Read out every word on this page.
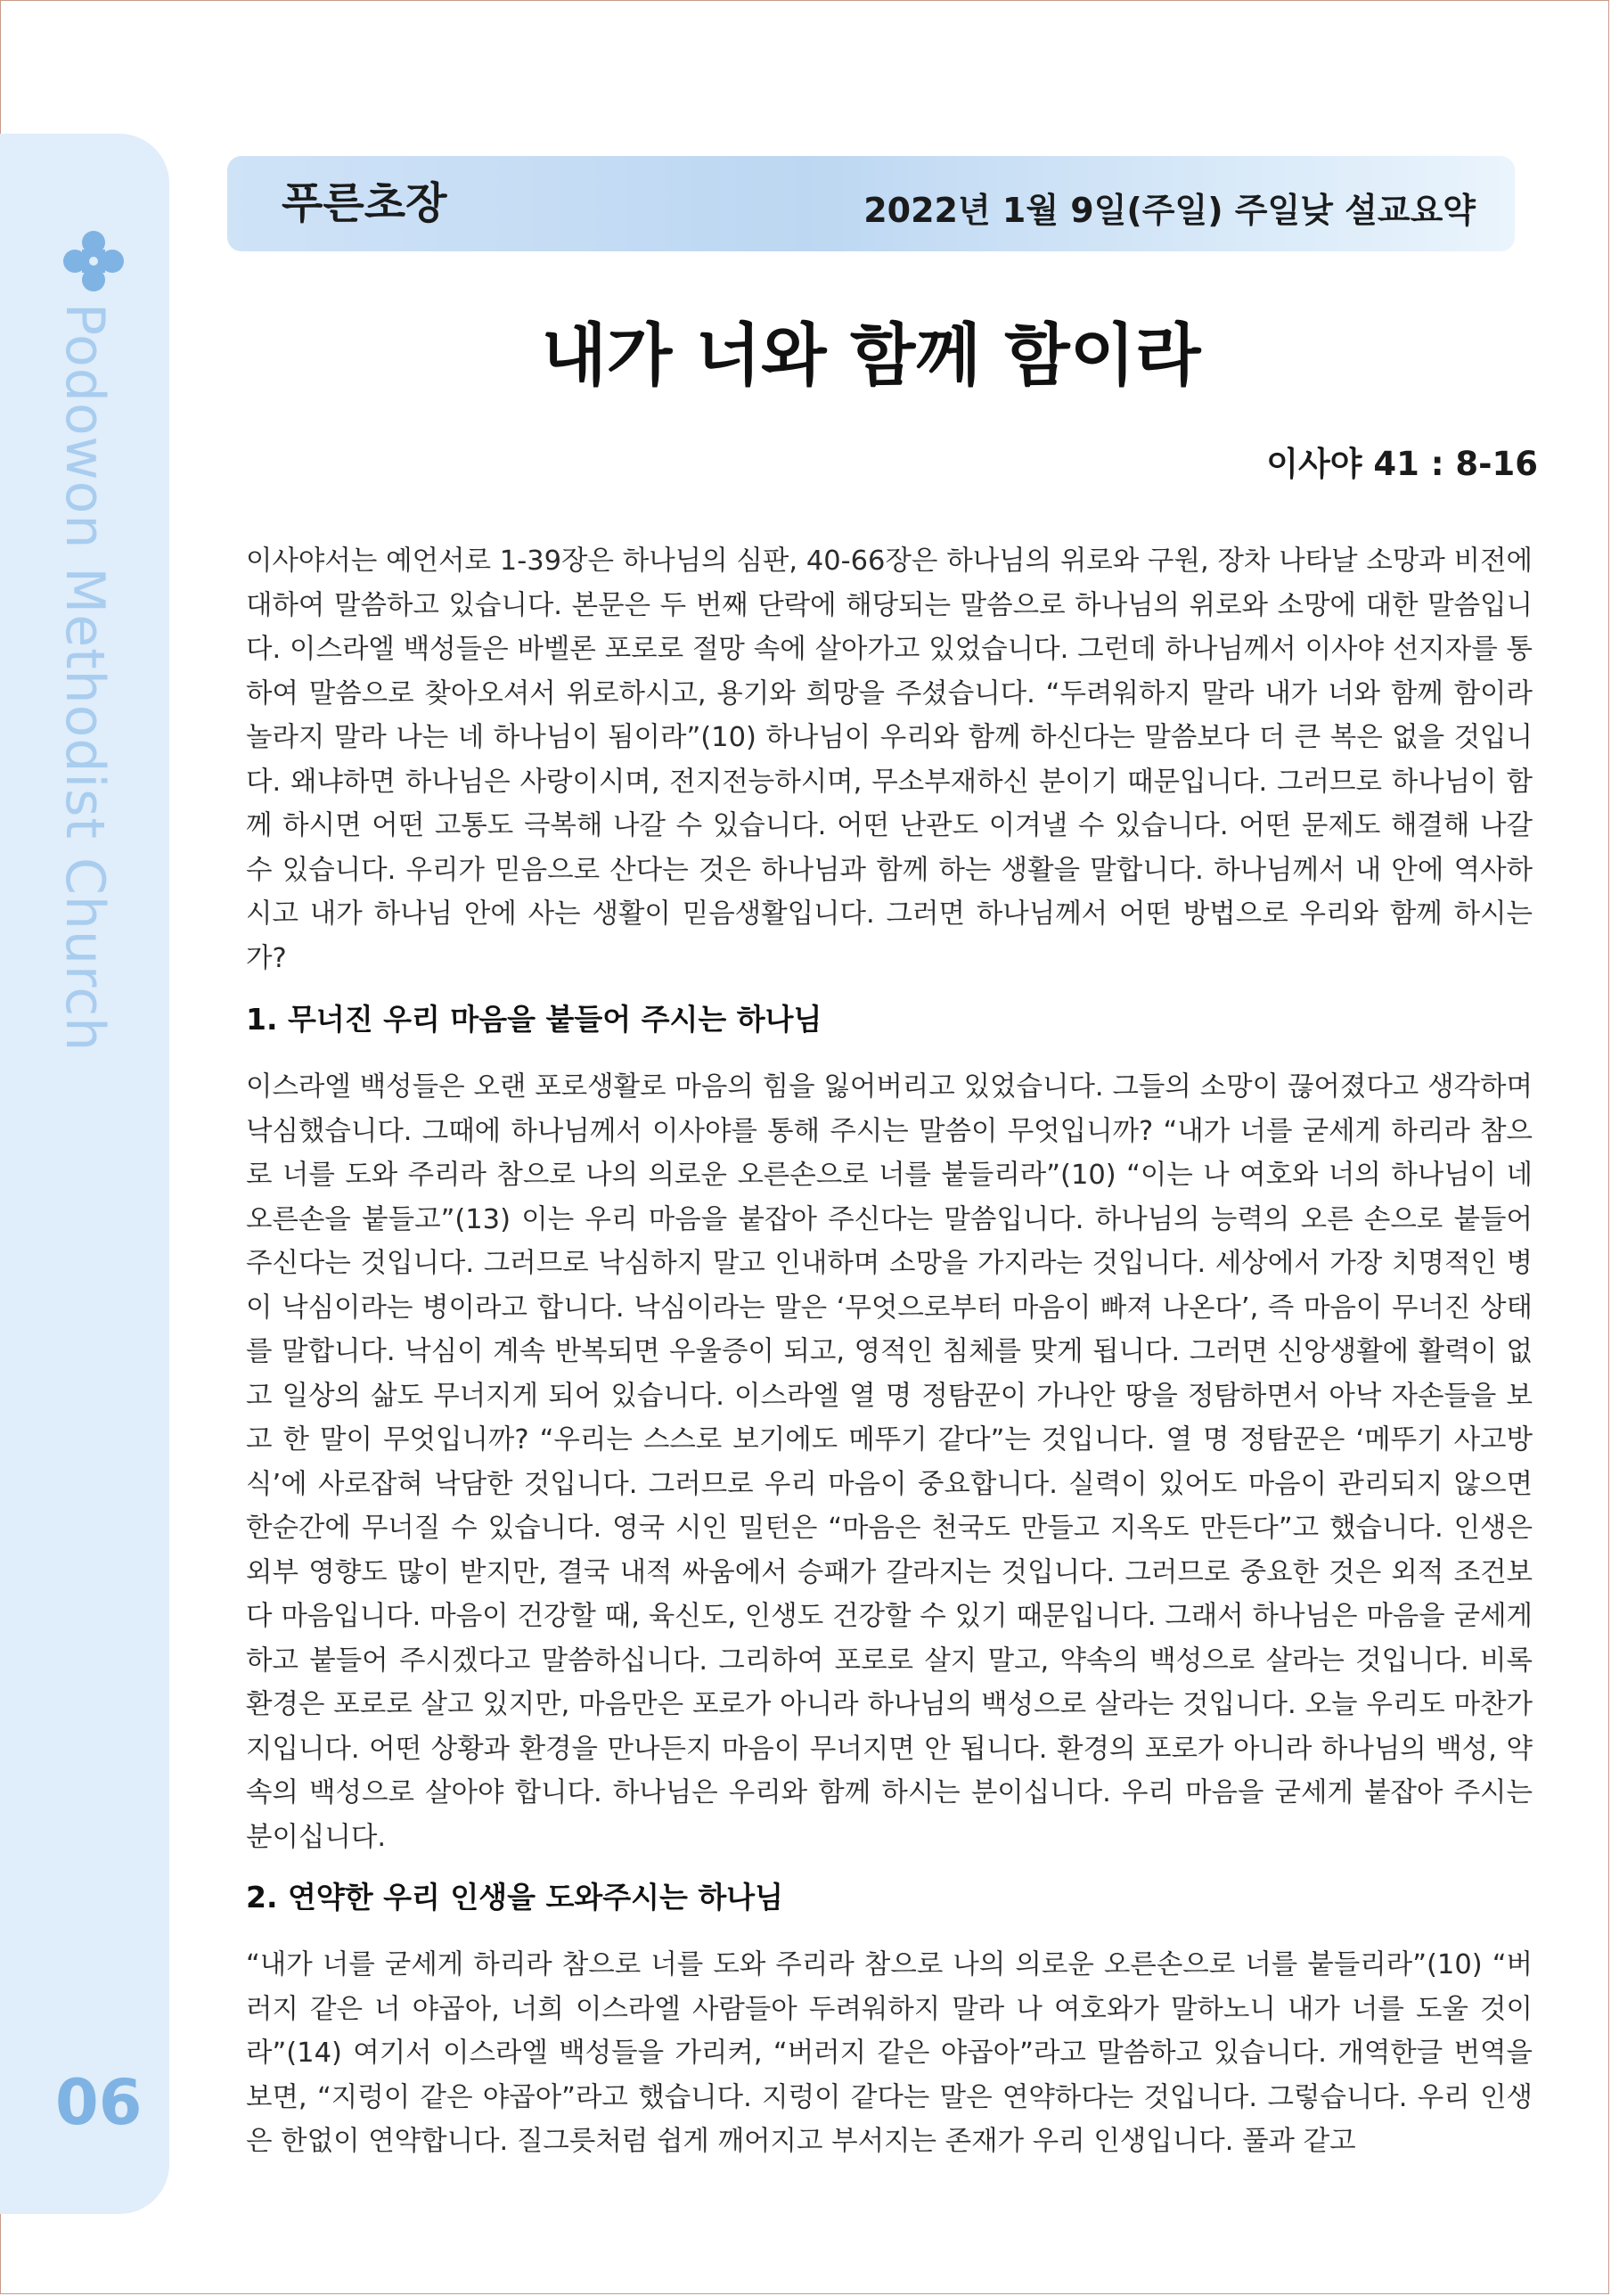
Podowon Methodist Church
06
푸른초장	2022년 1월 9일(주일) 주일낮 설교요약
내가 너와 함께 함이라
이사야 41 : 8-16
이사야서는 예언서로 1-39장은 하나님의 심판, 40-66장은 하나님의 위로와 구원, 장차 나타날 소망과 비전에 대하여 말씀하고 있습니다. 본문은 두 번째 단락에 해당되는 말씀으로 하나님의 위로와 소망에 대한 말씀입니다. 이스라엘 백성들은 바벨론 포로로 절망 속에 살아가고 있었습니다. 그런데 하나님께서 이사야 선지자를 통하여 말씀으로 찾아오셔서 위로하시고, 용기와 희망을 주셨습니다. “두려워하지 말라 내가 너와 함께 함이라 놀라지 말라 나는 네 하나님이 됨이라”(10) 하나님이 우리와 함께 하신다는 말씀보다 더 큰 복은 없을 것입니다. 왜냐하면 하나님은 사랑이시며, 전지전능하시며, 무소부재하신 분이기 때문입니다. 그러므로 하나님이 함께 하시면 어떤 고통도 극복해 나갈 수 있습니다. 어떤 난관도 이겨낼 수 있습니다. 어떤 문제도 해결해 나갈 수 있습니다. 우리가 믿음으로 산다는 것은 하나님과 함께 하는 생활을 말합니다. 하나님께서 내 안에 역사하시고 내가 하나님 안에 사는 생활이 믿음생활입니다. 그러면 하나님께서 어떤 방법으로 우리와 함께 하시는가?
1. 무너진 우리 마음을 붙들어 주시는 하나님
이스라엘 백성들은 오랜 포로생활로 마음의 힘을 잃어버리고 있었습니다. 그들의 소망이 끊어졌다고 생각하며 낙심했습니다. 그때에 하나님께서 이사야를 통해 주시는 말씀이 무엇입니까? “내가 너를 굳세게 하리라 참으로 너를 도와 주리라 참으로 나의 의로운 오른손으로 너를 붙들리라”(10) “이는 나 여호와 너의 하나님이 네 오른손을 붙들고”(13) 이는 우리 마음을 붙잡아 주신다는 말씀입니다. 하나님의 능력의 오른 손으로 붙들어 주신다는 것입니다. 그러므로 낙심하지 말고 인내하며 소망을 가지라는 것입니다. 세상에서 가장 치명적인 병이 낙심이라는 병이라고 합니다. 낙심이라는 말은 ‘무엇으로부터 마음이 빠져 나온다’, 즉 마음이 무너진 상태를 말합니다. 낙심이 계속 반복되면 우울증이 되고, 영적인 침체를 맞게 됩니다. 그러면 신앙생활에 활력이 없고 일상의 삶도 무너지게 되어 있습니다. 이스라엘 열 명 정탐꾼이 가나안 땅을 정탐하면서 아낙 자손들을 보고 한 말이 무엇입니까? “우리는 스스로 보기에도 메뚜기 같다”는 것입니다. 열 명 정탐꾼은 ‘메뚜기 사고방식’에 사로잡혀 낙담한 것입니다. 그러므로 우리 마음이 중요합니다. 실력이 있어도 마음이 관리되지 않으면 한순간에 무너질 수 있습니다. 영국 시인 밀턴은 “마음은 천국도 만들고 지옥도 만든다”고 했습니다. 인생은 외부 영향도 많이 받지만, 결국 내적 싸움에서 승패가 갈라지는 것입니다. 그러므로 중요한 것은 외적 조건보다 마음입니다. 마음이 건강할 때, 육신도, 인생도 건강할 수 있기 때문입니다. 그래서 하나님은 마음을 굳세게 하고 붙들어 주시겠다고 말씀하십니다. 그리하여 포로로 살지 말고, 약속의 백성으로 살라는 것입니다. 비록 환경은 포로로 살고 있지만, 마음만은 포로가 아니라 하나님의 백성으로 살라는 것입니다. 오늘 우리도 마찬가지입니다. 어떤 상황과 환경을 만나든지 마음이 무너지면 안 됩니다. 환경의 포로가 아니라 하나님의 백성, 약속의 백성으로 살아야 합니다. 하나님은 우리와 함께 하시는 분이십니다. 우리 마음을 굳세게 붙잡아 주시는 분이십니다.
2. 연약한 우리 인생을 도와주시는 하나님
“내가 너를 굳세게 하리라 참으로 너를 도와 주리라 참으로 나의 의로운 오른손으로 너를 붙들리라”(10) “버러지 같은 너 야곱아, 너희 이스라엘 사람들아 두려워하지 말라 나 여호와가 말하노니 내가 너를 도울 것이라”(14) 여기서 이스라엘 백성들을 가리켜, “버러지 같은 야곱아”라고 말씀하고 있습니다. 개역한글 번역을 보면, “지렁이 같은 야곱아”라고 했습니다. 지렁이 같다는 말은 연약하다는 것입니다. 그렇습니다. 우리 인생은 한없이 연약합니다. 질그릇처럼 쉽게 깨어지고 부서지는 존재가 우리 인생입니다. 풀과 같고
